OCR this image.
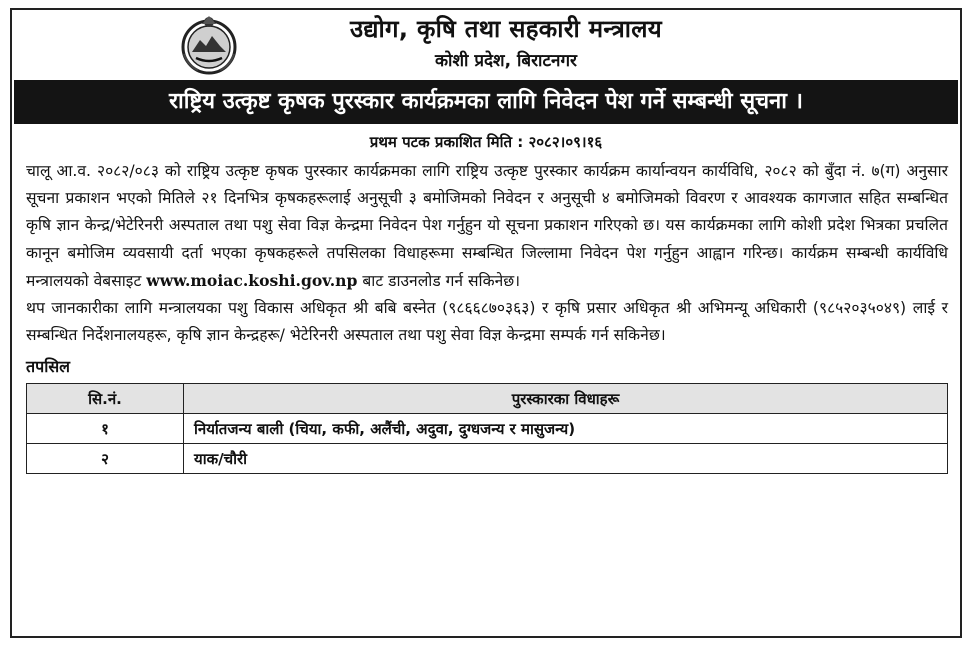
उद्योग, कृषि तथा सहकारी मन्त्रालय
कोशी प्रदेश, बिराटनगर
राष्ट्रिय उत्कृष्ट कृषक पुरस्कार कार्यक्रमका लागि निवेदन पेश गर्ने सम्बन्धी सूचना ।
प्रथम पटक प्रकाशित मिति : २०८२।०९।१६

चालू आ.व. २०८२/०८३ को राष्ट्रिय उत्कृष्ट कृषक पुरस्कार कार्यक्रमका लागि राष्ट्रिय उत्कृष्ट पुरस्कार कार्यक्रम कार्यान्वयन कार्यविधि, २०८२ को बुँदा नं. ७(ग) अनुसार सूचना प्रकाशन भएको मितिले २१ दिनभित्र कृषकहरूलाई अनुसूची ३ बमोजिमको निवेदन र अनुसूची ४ बमोजिमको विवरण र आवश्यक कागजात सहित सम्बन्धित कृषि ज्ञान केन्द्र/भेटेरिनरी अस्पताल तथा पशु सेवा विज्ञ केन्द्रमा निवेदन पेश गर्नुहुन यो सूचना प्रकाशन गरिएको छ। यस कार्यक्रमका लागि कोशी प्रदेश भित्रका प्रचलित कानून बमोजिम व्यवसायी दर्ता भएका कृषकहरूले तपसिलका विधाहरूमा सम्बन्धित जिल्लामा निवेदन पेश गर्नुहुन आह्वान गरिन्छ। कार्यक्रम सम्बन्धी कार्यविधि मन्त्रालयको वेबसाइट www.moiac.koshi.gov.np बाट डाउनलोड गर्न सकिनेछ।

थप जानकारीका लागि मन्त्रालयका पशु विकास अधिकृत श्री बबि बस्नेत (९८६६८७०३६३) र कृषि प्रसार अधिकृत श्री अभिमन्यू अधिकारी (९८५२०३५०४९) लाई र सम्बन्धित निर्देशनालयहरू, कृषि ज्ञान केन्द्रहरू/ भेटेरिनरी अस्पताल तथा पशु सेवा विज्ञ केन्द्रमा सम्पर्क गर्न सकिनेछ।

तपसिल
सि.नं.	पुरस्कारका विधाहरू
१	निर्यातजन्य बाली (चिया, कफी, अलैंची, अदुवा, दुग्धजन्य र मासुजन्य)
२	याक/चौरी
